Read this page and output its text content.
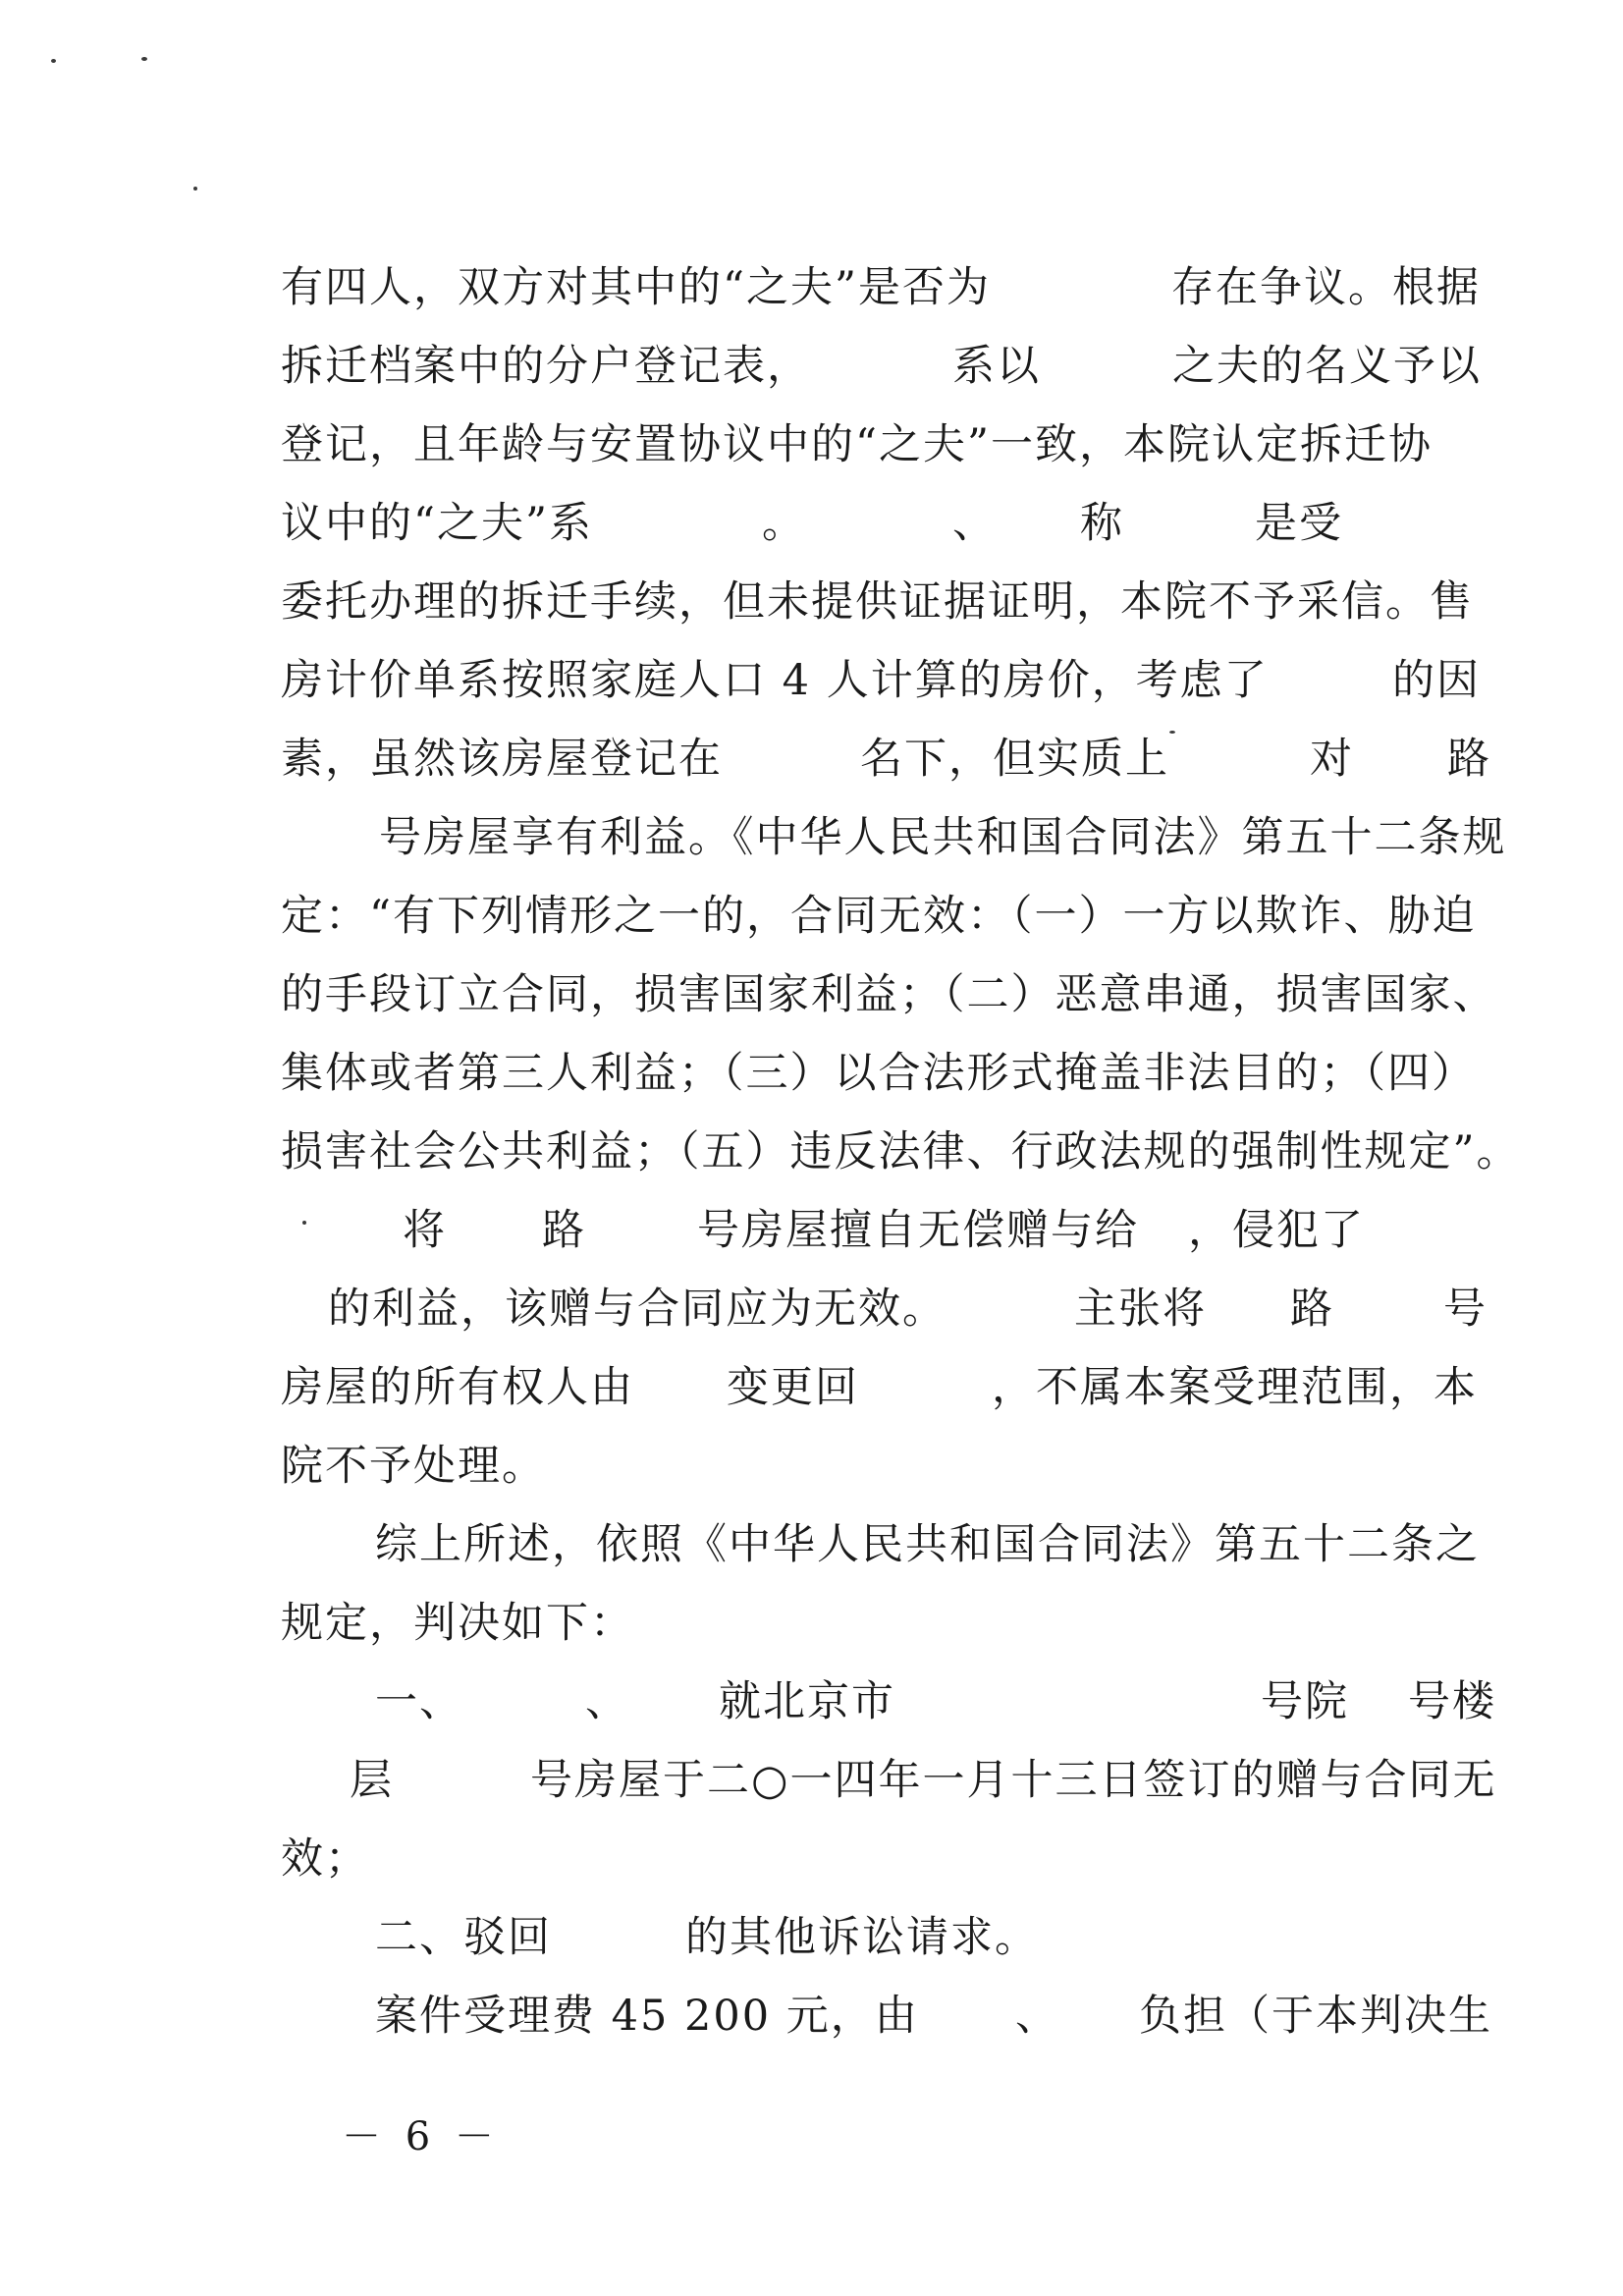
有四人，双方对其中的“之夫”是否为	存在争议。根据
拆迁档案中的分户登记表，	系以	之夫的名义予以
登记，且年龄与安置协议中的“之夫”一致，本院认定拆迁协
议中的“之夫”系	。	、 称	是受
委托办理的拆迁手续，但未提供证据证明，本院不予采信。售
房计价单系按照家庭人口 4 人计算的房价，考虑了	的因
素，虽然该房屋登记在	名下，但实质上	对 路
号房屋享有利益。《中华人民共和国合同法》第五十二条规
定：“有下列情形之一的，合同无效：（一）一方以欺诈、胁迫
的手段订立合同，损害国家利益；（二）恶意串通，损害国家、
集体或者第三人利益；（三）以合法形式掩盖非法目的；（四）
损害社会公共利益；（五）违反法律、行政法规的强制性规定”。
将 路	号房屋擅自无偿赠与给 ，侵犯了
的利益，该赠与合同应为无效。	主张将 路	号
房屋的所有权人由 变更回	，不属本案受理范围，本
院不予处理。
综上所述，依照《中华人民共和国合同法》第五十二条之
规定，判决如下：
一、	、 就北京市	号院 号楼
层	号房屋于二○一四年一月十三日签订的赠与合同无
效；
二、驳回	的其他诉讼请求。
案件受理费 45 200 元，由 、 负担（于本判决生
－ 6 －
